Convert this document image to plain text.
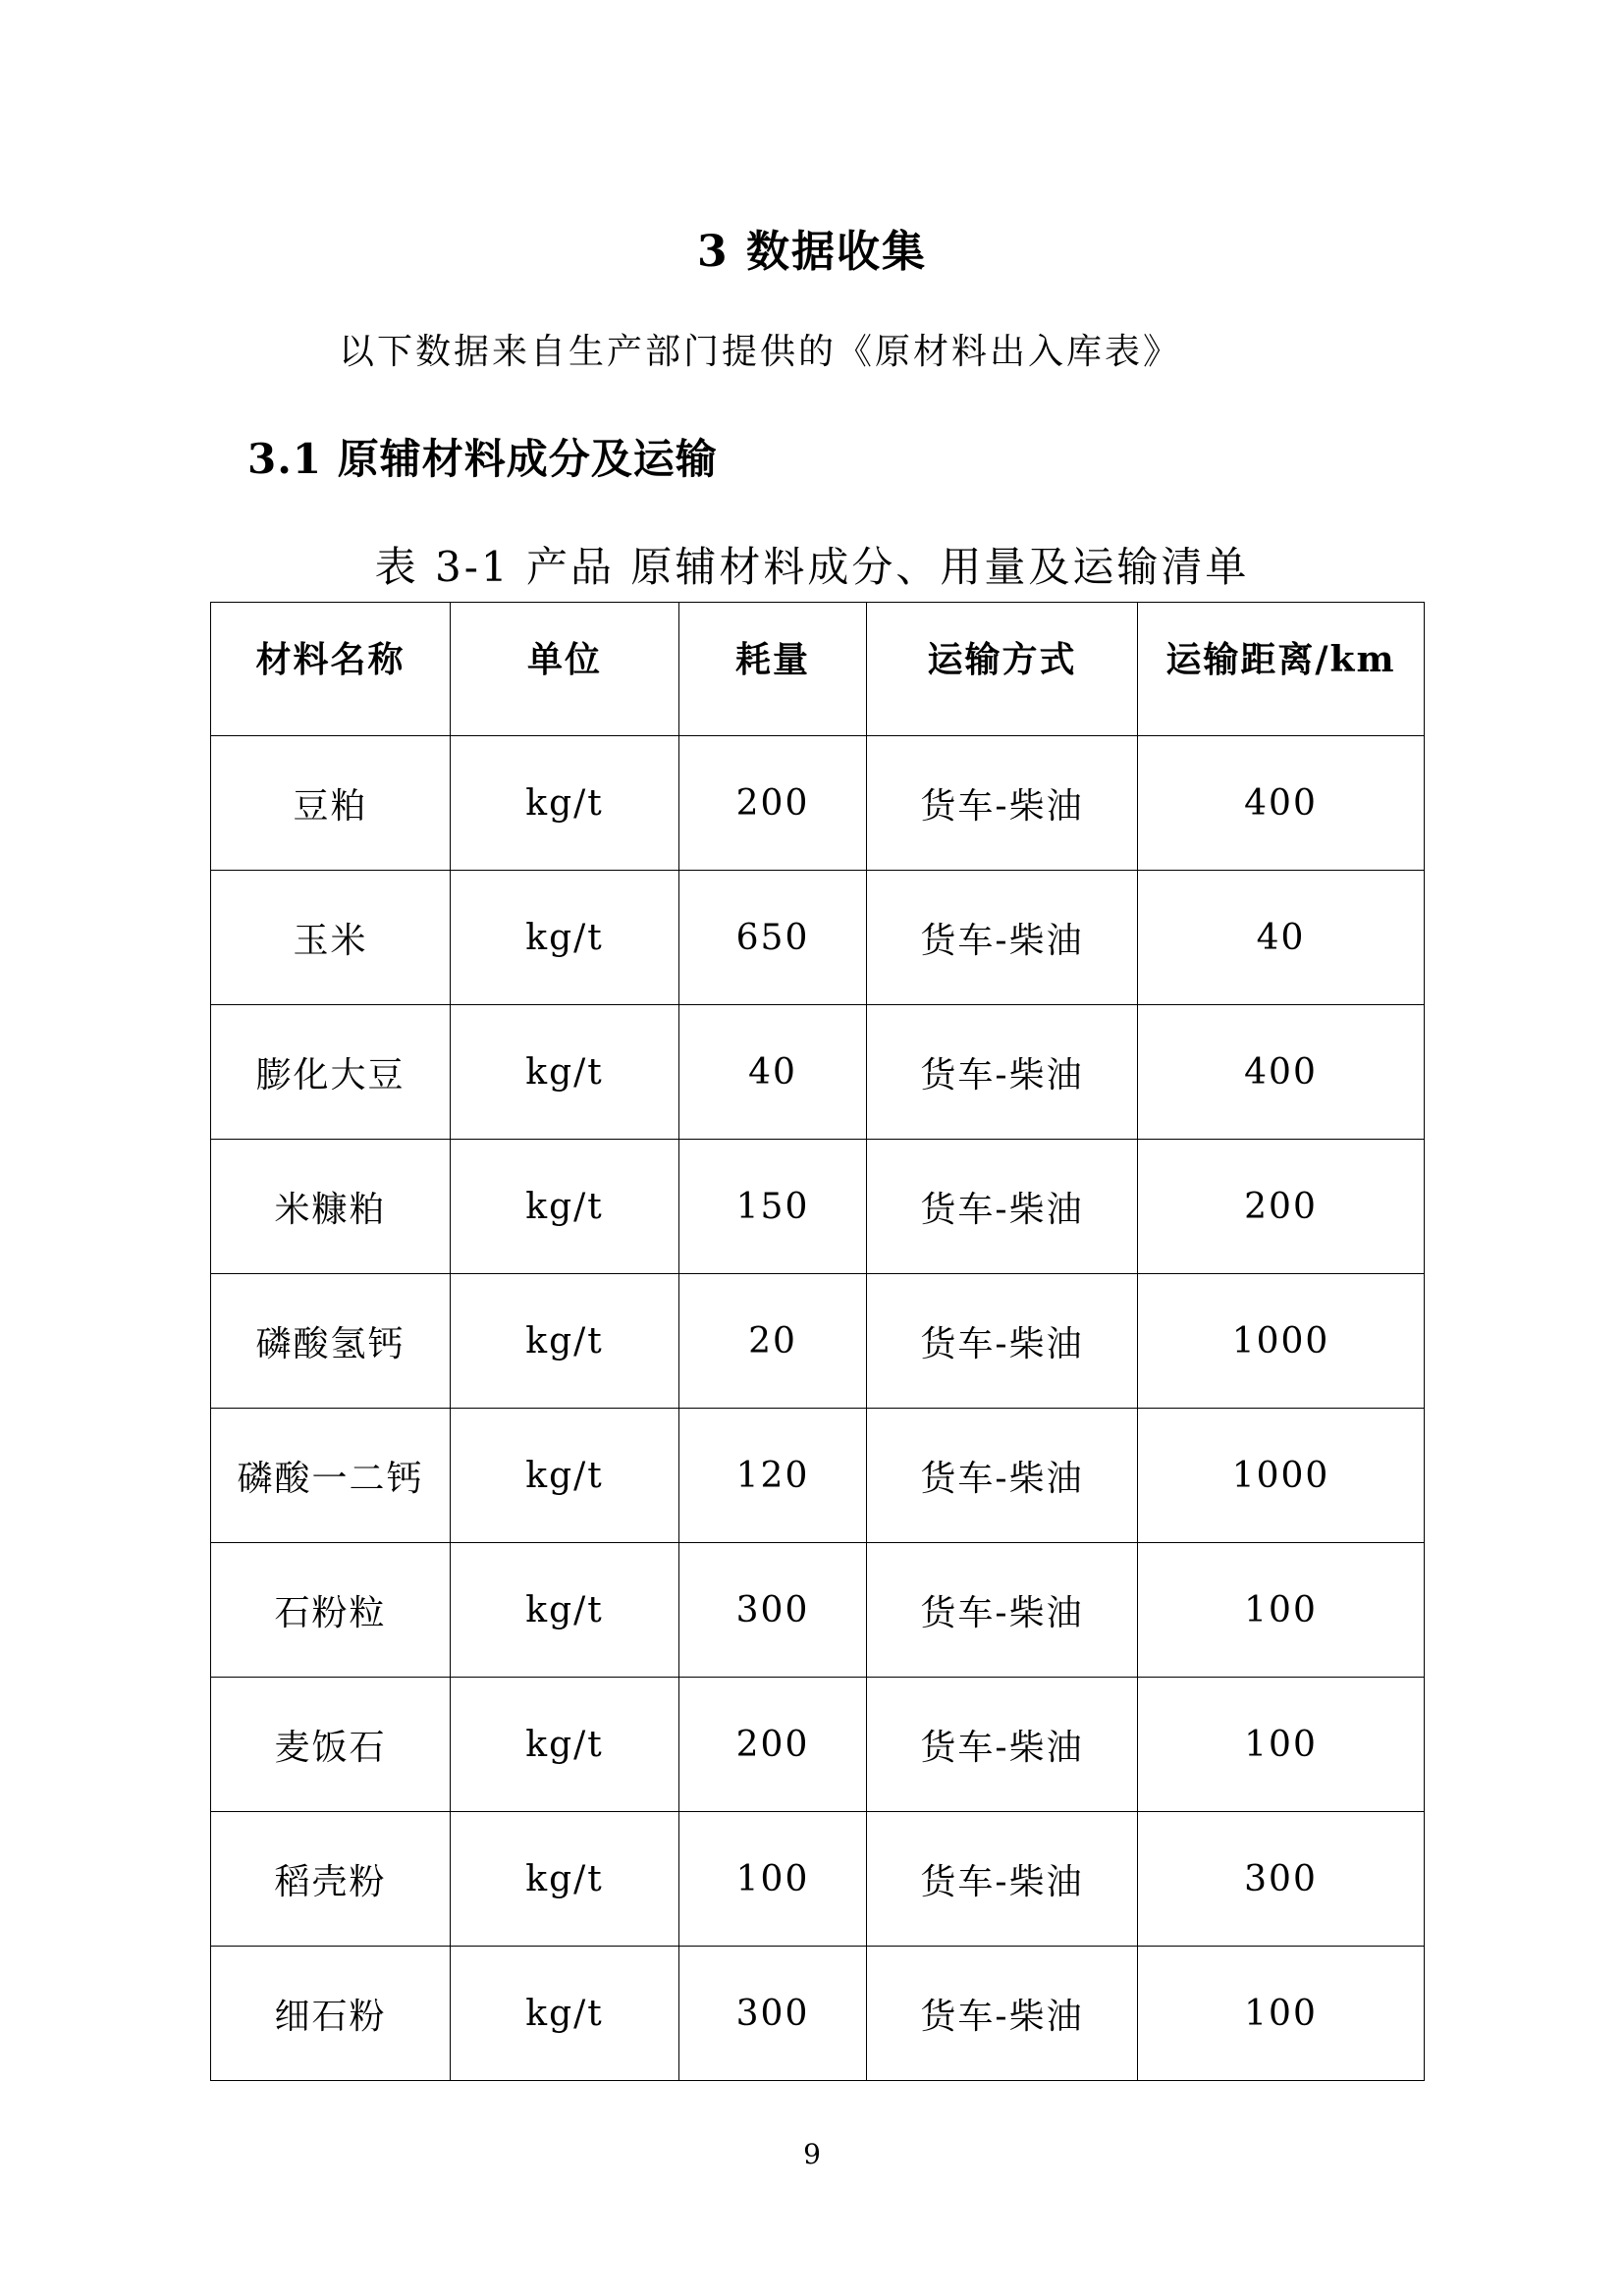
3 数据收集
以下数据来自生产部门提供的《原材料出入库表》
3.1 原辅材料成分及运输
表 3-1 产品 原辅材料成分、用量及运输清单
材料名称	单位	耗量	运输方式	运输距离/km
豆粕	kg/t	200	货车-柴油	400
玉米	kg/t	650	货车-柴油	40
膨化大豆	kg/t	40	货车-柴油	400
米糠粕	kg/t	150	货车-柴油	200
磷酸氢钙	kg/t	20	货车-柴油	1000
磷酸一二钙	kg/t	120	货车-柴油	1000
石粉粒	kg/t	300	货车-柴油	100
麦饭石	kg/t	200	货车-柴油	100
稻壳粉	kg/t	100	货车-柴油	300
细石粉	kg/t	300	货车-柴油	100
9
